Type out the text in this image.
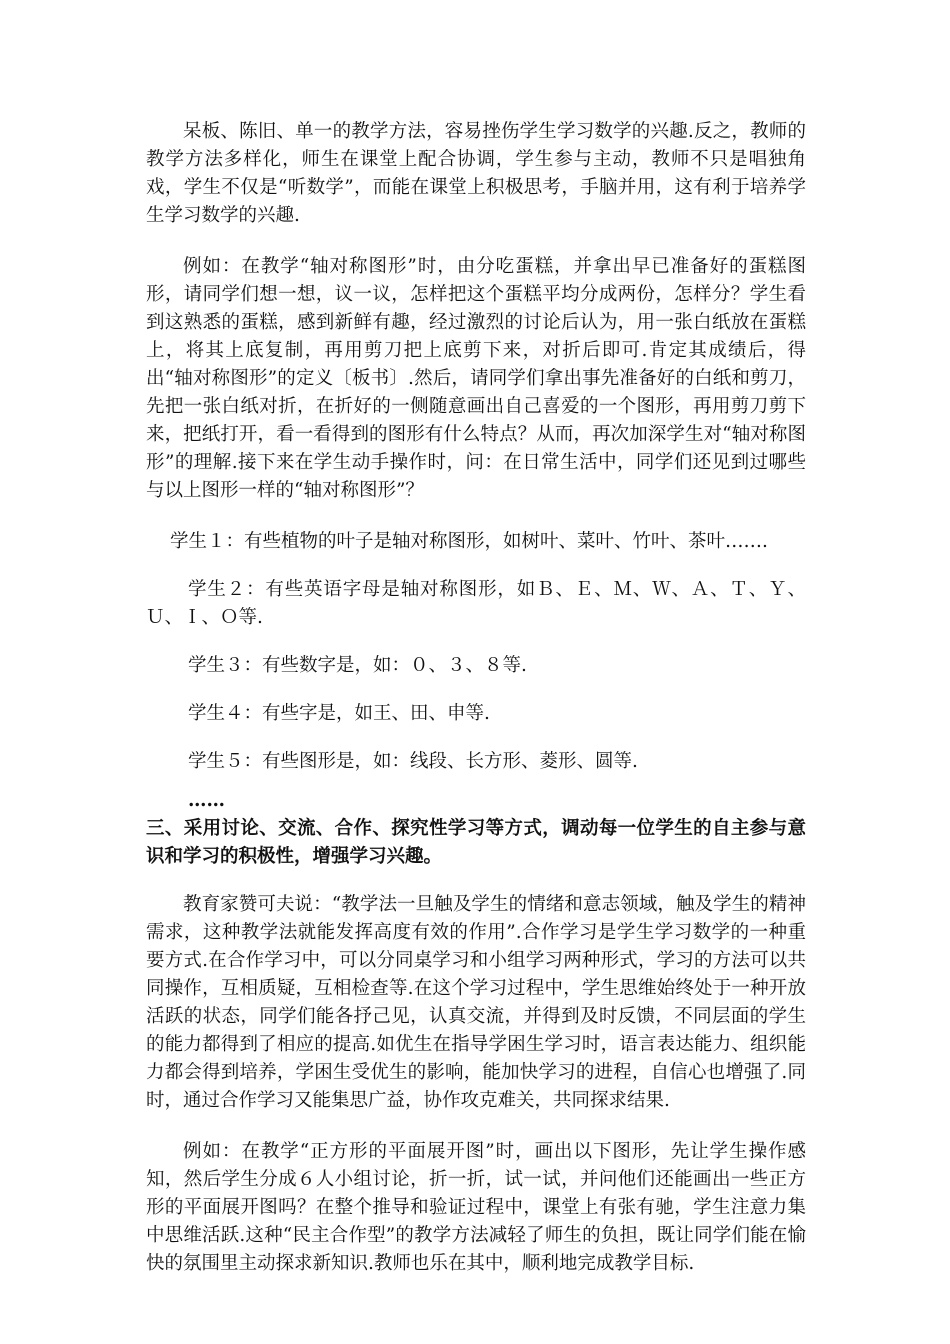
呆板、陈旧、单一的教学方法，容易挫伤学生学习数学的兴趣.反之，教师的教学方法多样化，师生在课堂上配合协调，学生参与主动，教师不只是唱独角戏，学生不仅是“听数学”，而能在课堂上积极思考，手脑并用，这有利于培养学生学习数学的兴趣.

例如：在教学“轴对称图形”时，由分吃蛋糕，并拿出早已准备好的蛋糕图形，请同学们想一想，议一议，怎样把这个蛋糕平均分成两份，怎样分？学生看到这熟悉的蛋糕，感到新鲜有趣，经过激烈的讨论后认为，用一张白纸放在蛋糕上，将其上底复制，再用剪刀把上底剪下来，对折后即可.肯定其成绩后，得出“轴对称图形”的定义〔板书〕.然后，请同学们拿出事先准备好的白纸和剪刀，先把一张白纸对折，在折好的一侧随意画出自己喜爱的一个图形，再用剪刀剪下来，把纸打开，看一看得到的图形有什么特点？从而，再次加深学生对“轴对称图形”的理解.接下来在学生动手操作时，问：在日常生活中，同学们还见到过哪些与以上图形一样的“轴对称图形”？

学生１：有些植物的叶子是轴对称图形，如树叶、菜叶、竹叶、茶叶…….

学生２：有些英语字母是轴对称图形，如Ｂ、Ｅ、Ｍ、Ｗ、Ａ、Ｔ、Ｙ、Ｕ、Ｉ、Ｏ等.

学生３：有些数字是，如：０、３、８等.

学生４：有些字是，如王、田、申等.

学生５：有些图形是，如：线段、长方形、菱形、圆等.

……

三、采用讨论、交流、合作、探究性学习等方式，调动每一位学生的自主参与意识和学习的积极性，增强学习兴趣。

教育家赞可夫说：“教学法一旦触及学生的情绪和意志领域，触及学生的精神需求，这种教学法就能发挥高度有效的作用”.合作学习是学生学习数学的一种重要方式.在合作学习中，可以分同桌学习和小组学习两种形式，学习的方法可以共同操作，互相质疑，互相检查等.在这个学习过程中，学生思维始终处于一种开放活跃的状态，同学们能各抒己见，认真交流，并得到及时反馈，不同层面的学生的能力都得到了相应的提高.如优生在指导学困生学习时，语言表达能力、组织能力都会得到培养，学困生受优生的影响，能加快学习的进程，自信心也增强了.同时，通过合作学习又能集思广益，协作攻克难关，共同探求结果.

例如：在教学“正方形的平面展开图”时，画出以下图形，先让学生操作感知，然后学生分成６人小组讨论，折一折，试一试，并问他们还能画出一些正方形的平面展开图吗？在整个推导和验证过程中，课堂上有张有驰，学生注意力集中思维活跃.这种“民主合作型”的教学方法减轻了师生的负担，既让同学们能在愉快的氛围里主动探求新知识.教师也乐在其中，顺利地完成教学目标.
